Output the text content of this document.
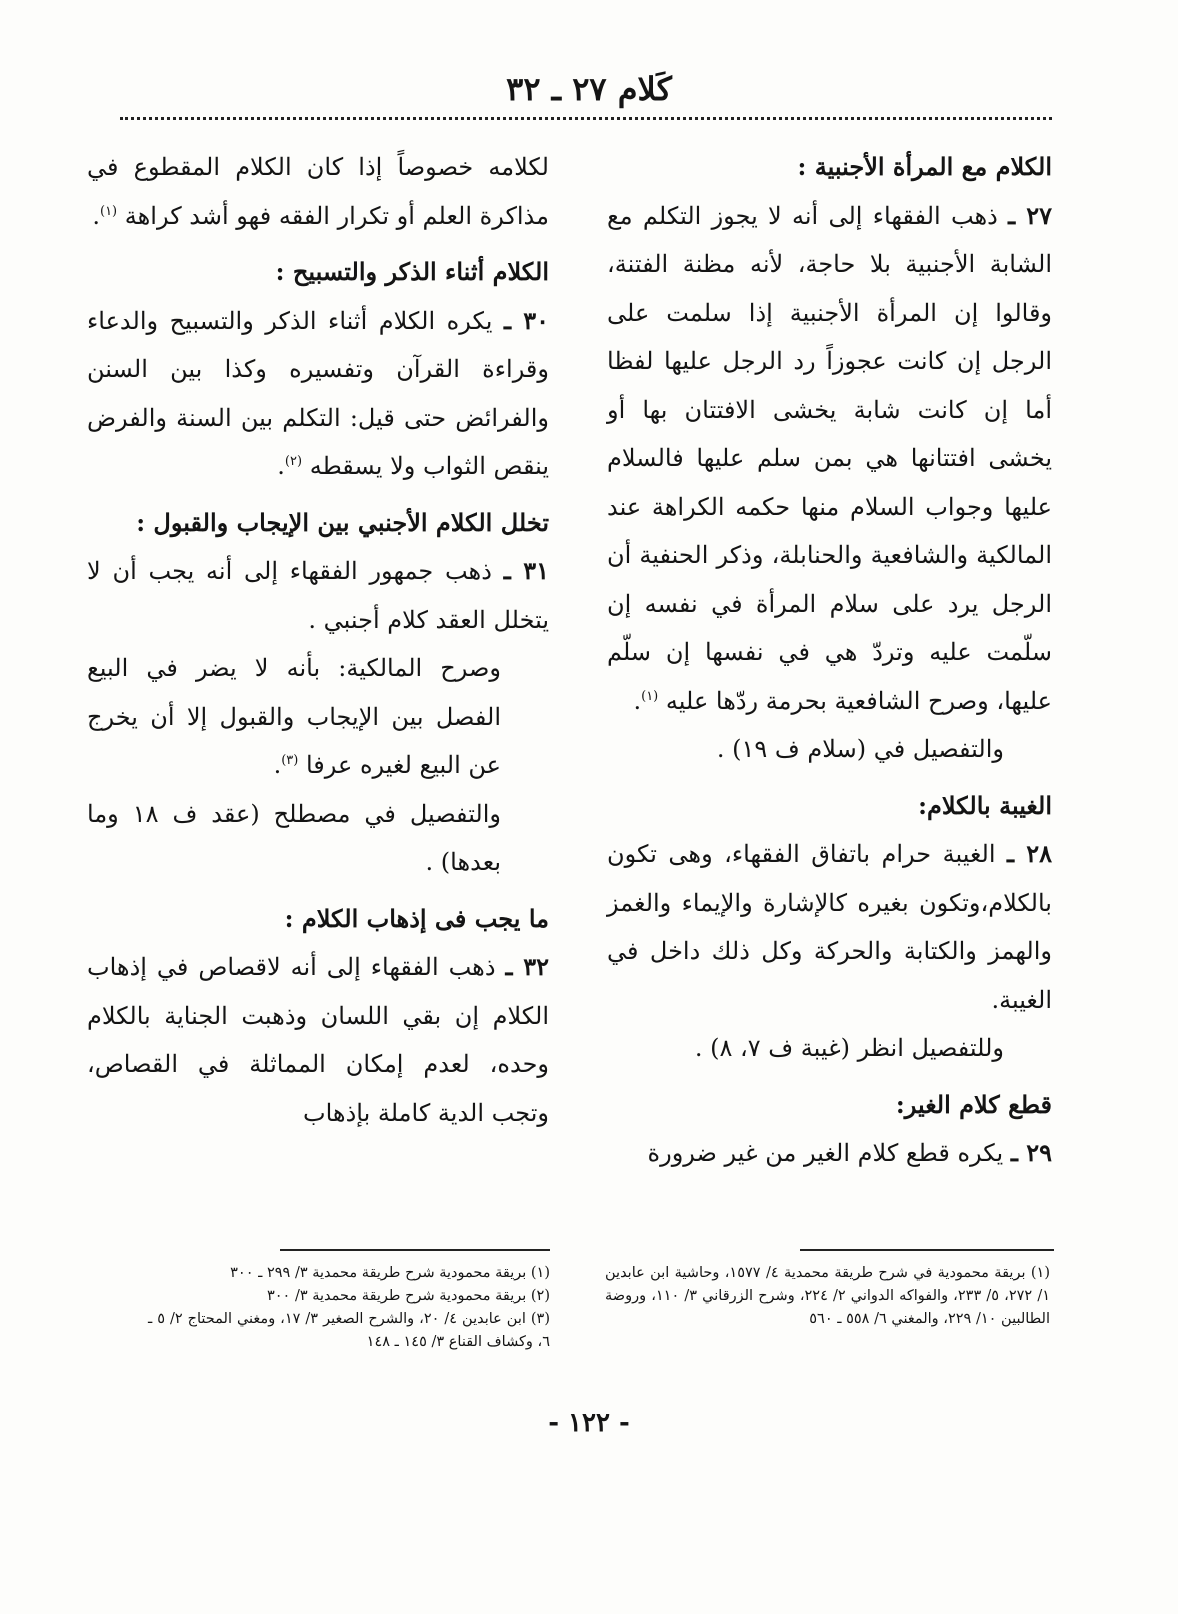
كَلام ٢٧ ـ ٣٢
الكلام مع المرأة الأجنبية :

٢٧ ـ ذهب الفقهاء إلى أنه لا يجوز التكلم مع الشابة الأجنبية بلا حاجة، لأنه مظنة الفتنة، وقالوا إن المرأة الأجنبية إذا سلمت على الرجل إن كانت عجوزاً رد الرجل عليها لفظا أما إن كانت شابة يخشى الافتتان بها أو يخشى افتتانها هي بمن سلم عليها فالسلام عليها وجواب السلام منها حكمه الكراهة عند المالكية والشافعية والحنابلة، وذكر الحنفية أن الرجل يرد على سلام المرأة في نفسه إن سلّمت عليه وتردّ هي في نفسها إن سلّم عليها، وصرح الشافعية بحرمة ردّها عليه $^{(١)}$.

والتفصيل في (سلام ف ١٩) .

الغيبة بالكلام:

٢٨ ـ الغيبة حرام باتفاق الفقهاء، وهى تكون بالكلام،وتكون بغيره كالإشارة والإيماء والغمز والهمز والكتابة والحركة وكل ذلك داخل في الغيبة.

وللتفصيل انظر (غيبة ف ٧، ٨) .

قطع كلام الغير:

٢٩ ـ يكره قطع كلام الغير من غير ضرورة

لكلامه خصوصاً إذا كان الكلام المقطوع في مذاكرة العلم أو تكرار الفقه فهو أشد كراهة $^{(١)}$.

الكلام أثناء الذكر والتسبيح :

٣٠ ـ يكره الكلام أثناء الذكر والتسبيح والدعاء وقراءة القرآن وتفسيره وكذا بين السنن والفرائض حتى قيل: التكلم بين السنة والفرض ينقص الثواب ولا يسقطه $^{(٢)}$.

تخلل الكلام الأجنبي بين الإيجاب والقبول :

٣١ ـ ذهب جمهور الفقهاء إلى أنه يجب أن لا يتخلل العقد كلام أجنبي .

وصرح المالكية: بأنه لا يضر في البيع الفصل بين الإيجاب والقبول إلا أن يخرج عن البيع لغيره عرفا $^{(٣)}$.

والتفصيل في مصطلح (عقد ف ١٨ وما بعدها) .

ما يجب فى إذهاب الكلام :

٣٢ ـ ذهب الفقهاء إلى أنه لاقصاص في إذهاب الكلام إن بقي اللسان وذهبت الجناية بالكلام وحده، لعدم إمكان المماثلة في القصاص، وتجب الدية كاملة بإذهاب

(١) بريقة محمودية في شرح طريقة محمدية ٤/ ١٥٧٧، وحاشية ابن عابدين ١/ ٢٧٢، ٥/ ٢٣٣، والفواكه الدواني ٢/ ٢٢٤، وشرح الزرقاني ٣/ ١١٠، وروضة الطالبين ١٠/ ٢٢٩، والمغني ٦/ ٥٥٨ ـ ٥٦٠

(١) بريقة محمودية شرح طريقة محمدية ٣/ ٢٩٩ ـ ٣٠٠

(٢) بريقة محمودية شرح طريقة محمدية ٣/ ٣٠٠

(٣) ابن عابدين ٤/ ٢٠، والشرح الصغير ٣/ ١٧، ومغني المحتاج ٢/ ٥ ـ ٦، وكشاف القناع ٣/ ١٤٥ ـ ١٤٨

- ١٢٢ -
